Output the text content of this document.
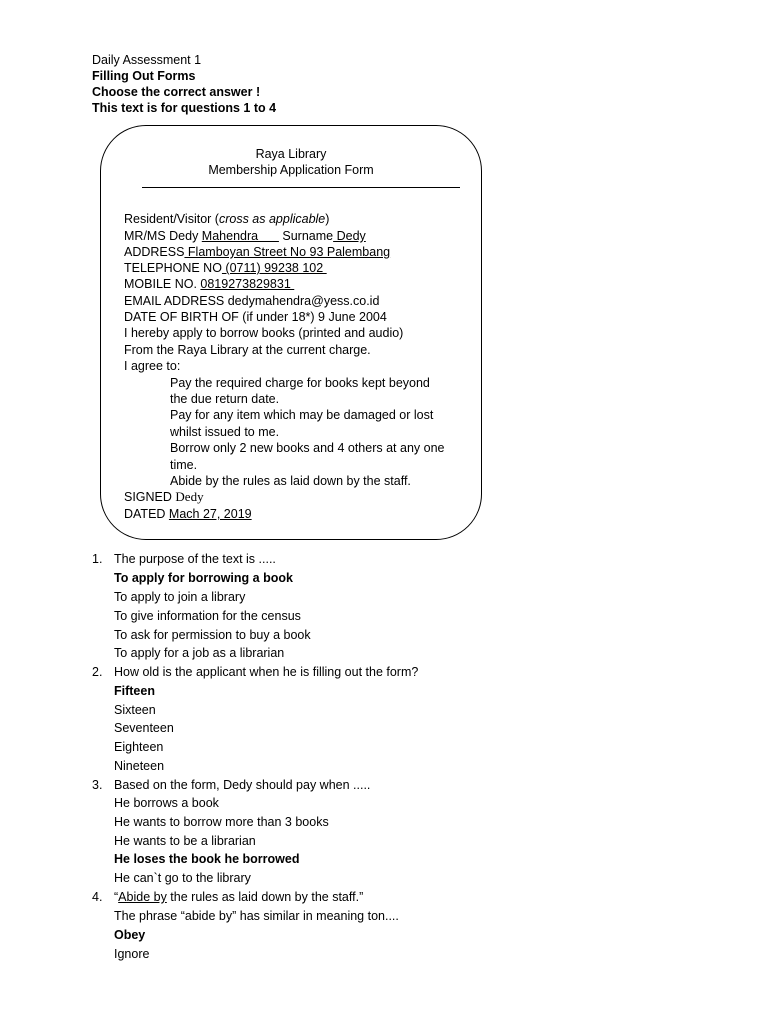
Daily Assessment 1
Filling Out Forms
Choose the correct answer !
This text is for questions 1 to 4
Raya Library
Membership Application Form
Resident/Visitor (cross as applicable)
MR/MS Dedy Mahendra       Surname Dedy
ADDRESS Flamboyan Street No 93 Palembang
TELEPHONE NO (0711) 99238 102
MOBILE NO. 0819273829831
EMAIL ADDRESS dedymahendra@yess.co.id
DATE OF BIRTH OF (if under 18*) 9 June 2004
I hereby apply to borrow books (printed and audio)
From the Raya Library at the current charge.
I agree to:
Pay the required charge for books kept beyond
the due return date.
Pay for any item which may be damaged or lost
whilst issued to me.
Borrow only 2 new books and 4 others at any one
time.
Abide by the rules as laid down by the staff.
SIGNED Dedy
DATED Mach 27, 2019
1. The purpose of the text is .....
To apply for borrowing a book
To apply to join a library
To give information for the census
To ask for permission to buy a book
To apply for a job as a librarian
2. How old is the applicant when he is filling out the form?
Fifteen
Sixteen
Seventeen
Eighteen
Nineteen
3. Based on the form, Dedy should pay when .....
He borrows a book
He wants to borrow more than 3 books
He wants to be a librarian
He loses the book he borrowed
He can`t go to the library
4. “Abide by the rules as laid down by the staff.”
The phrase “abide by” has similar in meaning ton....
Obey
Ignore
